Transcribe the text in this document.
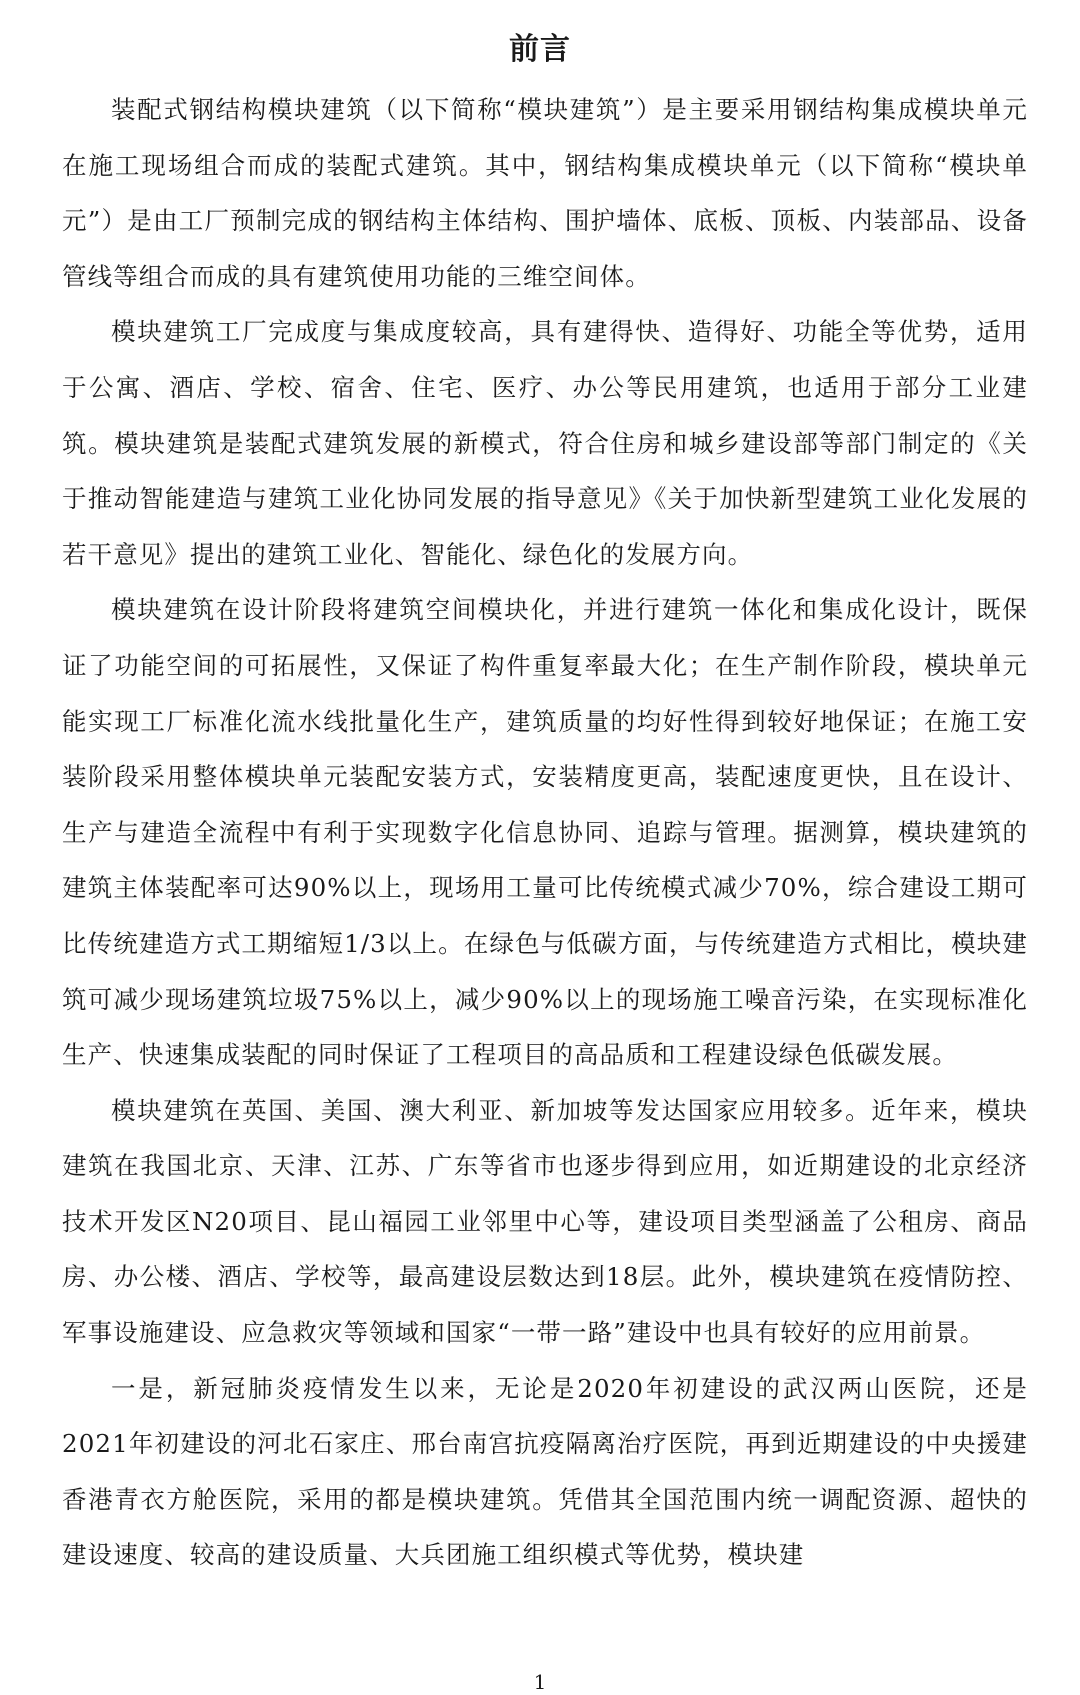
前言

装配式钢结构模块建筑（以下简称“模块建筑”）是主要采用钢结构集成模块单元在施工现场组合而成的装配式建筑。其中，钢结构集成模块单元（以下简称“模块单元”）是由工厂预制完成的钢结构主体结构、围护墙体、底板、顶板、内装部品、设备管线等组合而成的具有建筑使用功能的三维空间体。

模块建筑工厂完成度与集成度较高，具有建得快、造得好、功能全等优势，适用于公寓、酒店、学校、宿舍、住宅、医疗、办公等民用建筑，也适用于部分工业建筑。模块建筑是装配式建筑发展的新模式，符合住房和城乡建设部等部门制定的《关于推动智能建造与建筑工业化协同发展的指导意见》《关于加快新型建筑工业化发展的若干意见》提出的建筑工业化、智能化、绿色化的发展方向。

模块建筑在设计阶段将建筑空间模块化，并进行建筑一体化和集成化设计，既保证了功能空间的可拓展性，又保证了构件重复率最大化；在生产制作阶段，模块单元能实现工厂标准化流水线批量化生产，建筑质量的均好性得到较好地保证；在施工安装阶段采用整体模块单元装配安装方式，安装精度更高，装配速度更快，且在设计、生产与建造全流程中有利于实现数字化信息协同、追踪与管理。据测算，模块建筑的建筑主体装配率可达90%以上，现场用工量可比传统模式减少70%，综合建设工期可比传统建造方式工期缩短1/3以上。在绿色与低碳方面，与传统建造方式相比，模块建筑可减少现场建筑垃圾75%以上，减少90%以上的现场施工噪音污染，在实现标准化生产、快速集成装配的同时保证了工程项目的高品质和工程建设绿色低碳发展。

模块建筑在英国、美国、澳大利亚、新加坡等发达国家应用较多。近年来，模块建筑在我国北京、天津、江苏、广东等省市也逐步得到应用，如近期建设的北京经济技术开发区N20项目、昆山福园工业邻里中心等，建设项目类型涵盖了公租房、商品房、办公楼、酒店、学校等，最高建设层数达到18层。此外，模块建筑在疫情防控、军事设施建设、应急救灾等领域和国家“一带一路”建设中也具有较好的应用前景。

一是，新冠肺炎疫情发生以来，无论是2020年初建设的武汉两山医院，还是2021年初建设的河北石家庄、邢台南宫抗疫隔离治疗医院，再到近期建设的中央援建香港青衣方舱医院，采用的都是模块建筑。凭借其全国范围内统一调配资源、超快的建设速度、较高的建设质量、大兵团施工组织模式等优势，模块建

1
